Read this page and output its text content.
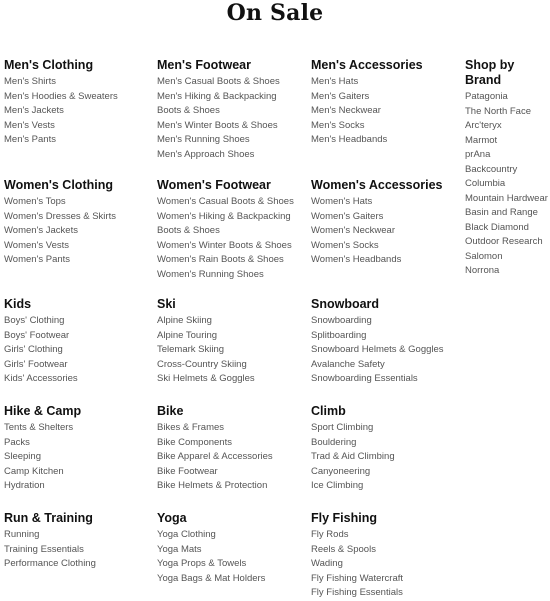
On Sale
Men's Clothing
Men's Shirts
Men's Hoodies & Sweaters
Men's Jackets
Men's Vests
Men's Pants
Men's Footwear
Men's Casual Boots & Shoes
Men's Hiking & Backpacking Boots & Shoes
Men's Winter Boots & Shoes
Men's Running Shoes
Men's Approach Shoes
Men's Accessories
Men's Hats
Men's Gaiters
Men's Neckwear
Men's Socks
Men's Headbands
Shop by Brand
Patagonia
The North Face
Arc'teryx
Marmot
prAna
Backcountry
Columbia
Mountain Hardwear
Basin and Range
Black Diamond
Outdoor Research
Salomon
Norrona
Women's Clothing
Women's Tops
Women's Dresses & Skirts
Women's Jackets
Women's Vests
Women's Pants
Women's Footwear
Women's Casual Boots & Shoes
Women's Hiking & Backpacking Boots & Shoes
Women's Winter Boots & Shoes
Women's Rain Boots & Shoes
Women's Running Shoes
Women's Accessories
Women's Hats
Women's Gaiters
Women's Neckwear
Women's Socks
Women's Headbands
Kids
Boys' Clothing
Boys' Footwear
Girls' Clothing
Girls' Footwear
Kids' Accessories
Ski
Alpine Skiing
Alpine Touring
Telemark Skiing
Cross-Country Skiing
Ski Helmets & Goggles
Snowboard
Snowboarding
Splitboarding
Snowboard Helmets & Goggles
Avalanche Safety
Snowboarding Essentials
Hike & Camp
Tents & Shelters
Packs
Sleeping
Camp Kitchen
Hydration
Bike
Bikes & Frames
Bike Components
Bike Apparel & Accessories
Bike Footwear
Bike Helmets & Protection
Climb
Sport Climbing
Bouldering
Trad & Aid Climbing
Canyoneering
Ice Climbing
Run & Training
Running
Training Essentials
Performance Clothing
Yoga
Yoga Clothing
Yoga Mats
Yoga Props & Towels
Yoga Bags & Mat Holders
Fly Fishing
Fly Rods
Reels & Spools
Wading
Fly Fishing Watercraft
Fly Fishing Essentials
